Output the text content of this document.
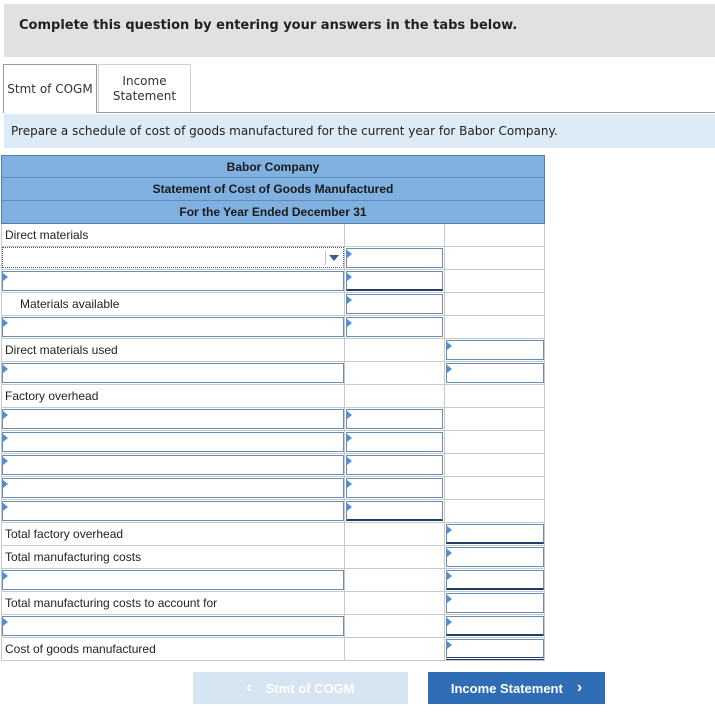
Complete this question by entering your answers in the tabs below.
Stmt of COGM
Income
Statement
Prepare a schedule of cost of goods manufactured for the current year for Babor Company.
Babor Company
Statement of Cost of Goods Manufactured
For the Year Ended December 31
Direct materials
Materials available
Direct materials used
Factory overhead
Total factory overhead
Total manufacturing costs
Total manufacturing costs to account for
Cost of goods manufactured
‹ Stmt of COGM	Income Statement ›
